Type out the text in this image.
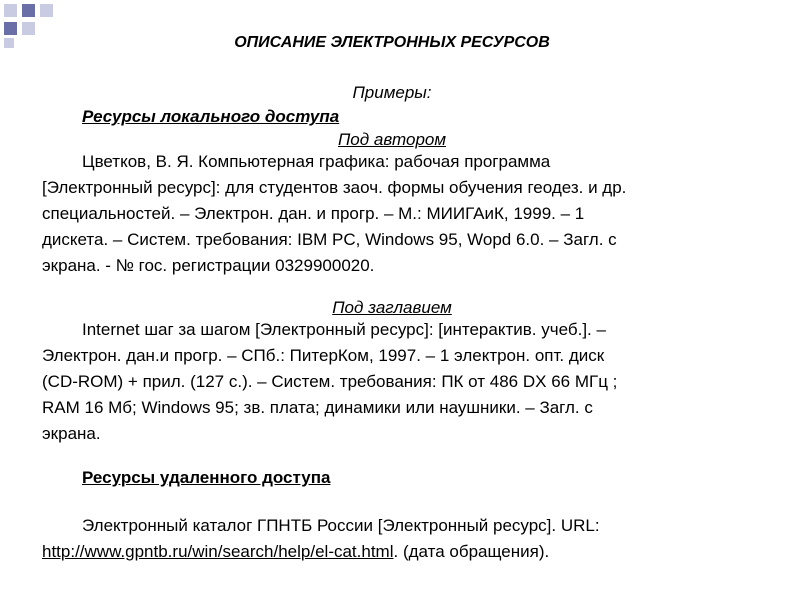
ОПИСАНИЕ ЭЛЕКТРОННЫХ РЕСУРСОВ
Примеры:
Ресурсы локального доступа
Под автором
Цветков, В. Я. Компьютерная графика: рабочая программа
[Электронный ресурс]: для студентов заоч. формы обучения геодез. и др.
специальностей. – Электрон. дан. и прогр. – М.: МИИГАиК, 1999. – 1
дискета. – Систем. требования: IBM PC, Windows 95, Wopd 6.0. – Загл. с
экрана. - № гос. регистрации 0329900020.
Под заглавием
Internet шаг за шагом [Электронный ресурс]: [интерактив. учеб.]. –
Электрон. дан.и прогр. – СПб.: ПитерКом, 1997. – 1 электрон. опт. диск
(CD-ROM) + прил. (127 с.). – Систем. требования: ПК от 486 DX 66 МГц ;
RAM 16 Мб; Windows 95; зв. плата; динамики или наушники. – Загл. с
экрана.
Ресурсы удаленного доступа
Электронный каталог ГПНТБ России [Электронный ресурс]. URL:
http://www.gpntb.ru/win/search/help/el-cat.html. (дата обращения).
